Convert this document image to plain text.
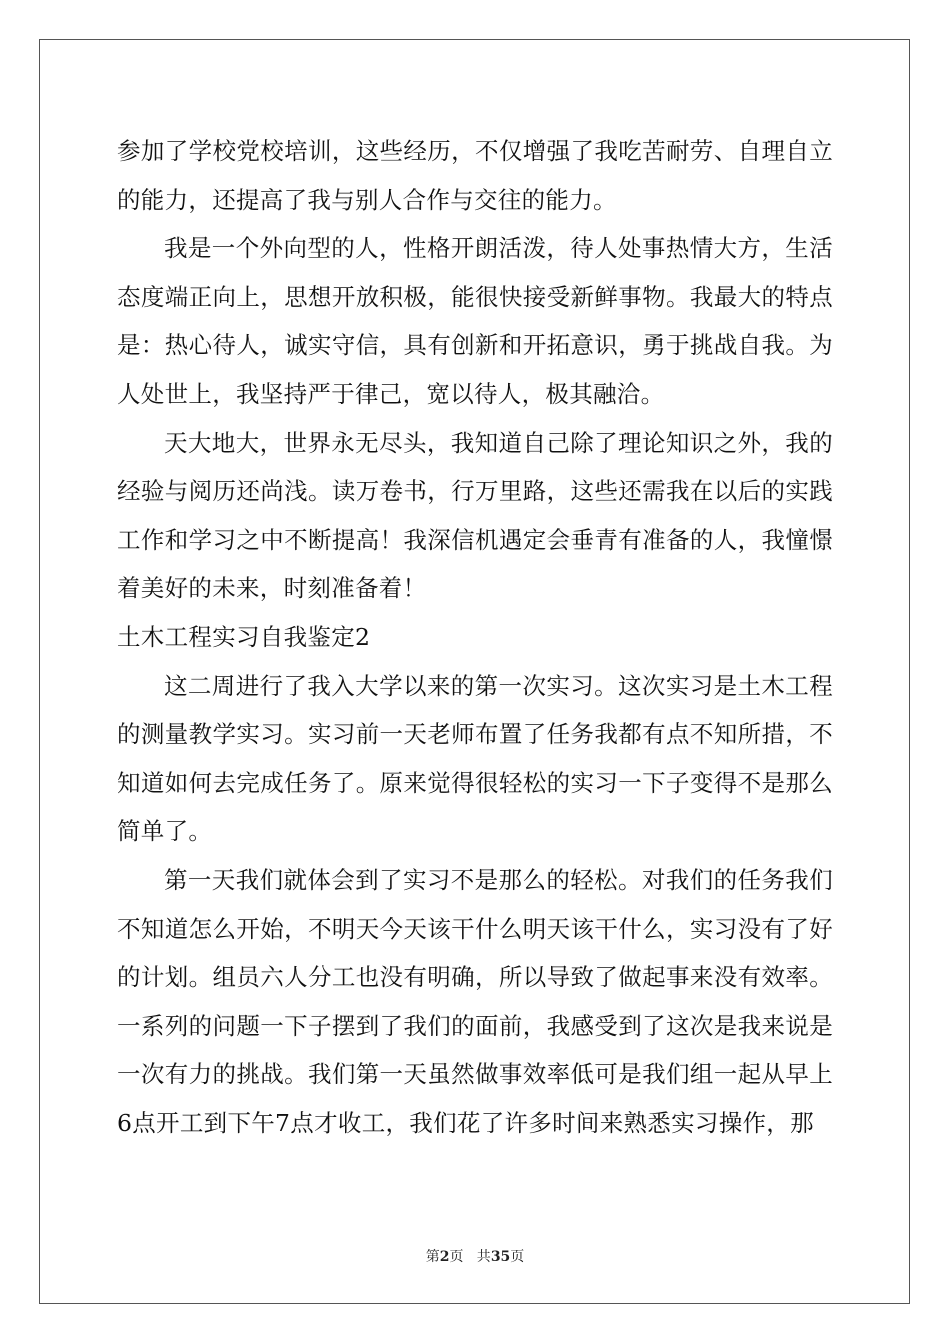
参加了学校党校培训，这些经历，不仅增强了我吃苦耐劳、自理自立的能力，还提高了我与别人合作与交往的能力。

我是一个外向型的人，性格开朗活泼，待人处事热情大方，生活态度端正向上，思想开放积极，能很快接受新鲜事物。我最大的特点是：热心待人，诚实守信，具有创新和开拓意识，勇于挑战自我。为人处世上，我坚持严于律己，宽以待人，极其融洽。

天大地大，世界永无尽头，我知道自己除了理论知识之外，我的经验与阅历还尚浅。读万卷书，行万里路，这些还需我在以后的实践工作和学习之中不断提高！我深信机遇定会垂青有准备的人，我憧憬着美好的未来，时刻准备着！

土木工程实习自我鉴定2

这二周进行了我入大学以来的第一次实习。这次实习是土木工程的测量教学实习。实习前一天老师布置了任务我都有点不知所措，不知道如何去完成任务了。原来觉得很轻松的实习一下子变得不是那么简单了。

第一天我们就体会到了实习不是那么的轻松。对我们的任务我们不知道怎么开始，不明天今天该干什么明天该干什么，实习没有了好的计划。组员六人分工也没有明确，所以导致了做起事来没有效率。一系列的问题一下子摆到了我们的面前，我感受到了这次是我来说是一次有力的挑战。我们第一天虽然做事效率低可是我们组一起从早上6点开工到下午7点才收工，我们花了许多时间来熟悉实习操作，那

第2页   共35页
